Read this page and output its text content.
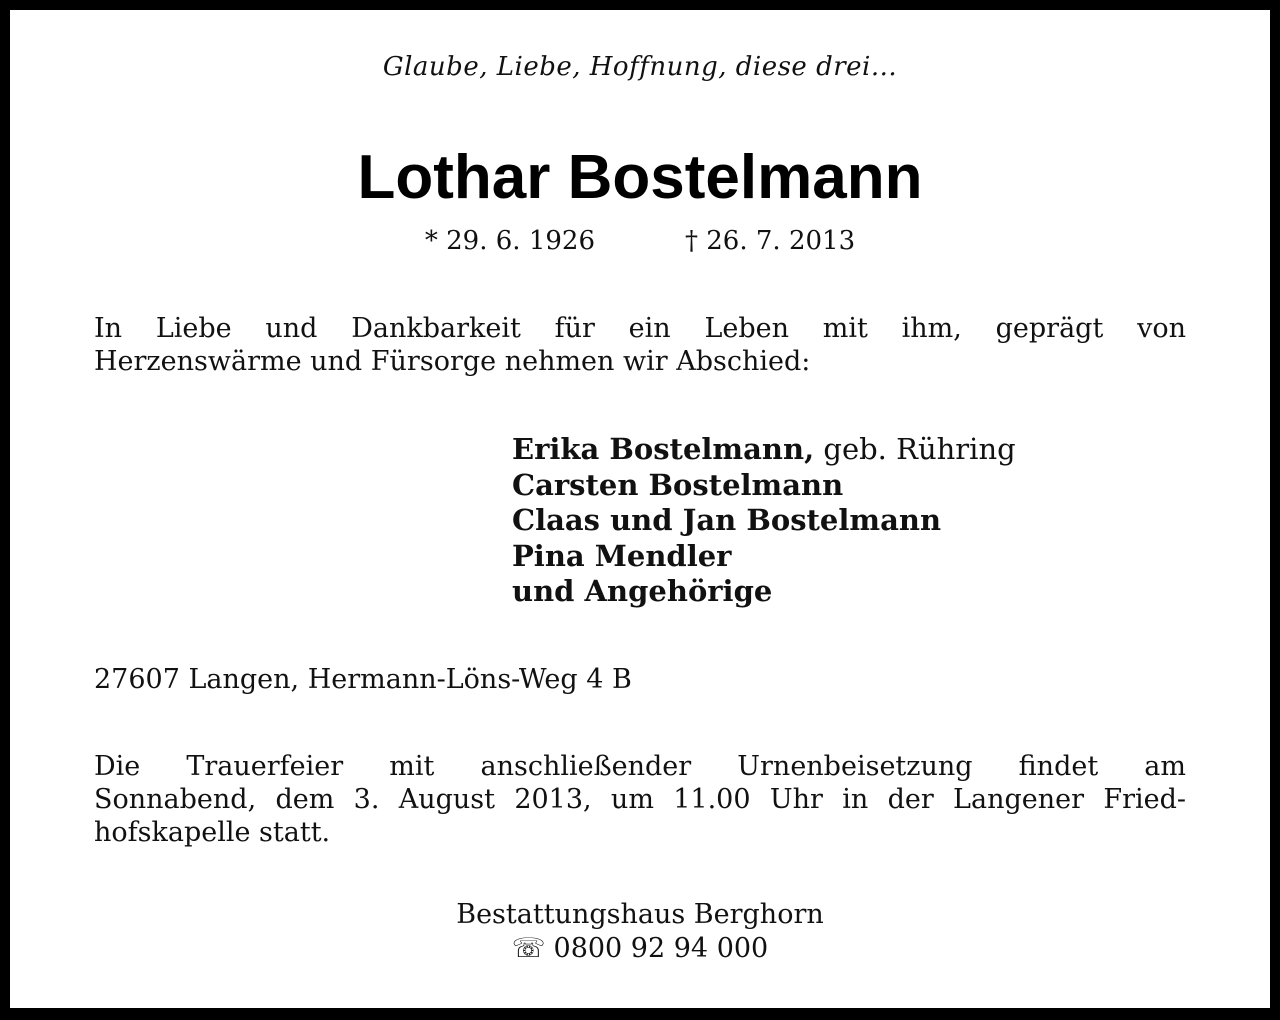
Glaube, Liebe, Hoffnung, diese drei...
Lothar Bostelmann
* 29. 6. 1926	† 26. 7. 2013
In Liebe und Dankbarkeit für ein Leben mit ihm, geprägt von
Herzenswärme und Fürsorge nehmen wir Abschied:
Erika Bostelmann, geb. Rühring
Carsten Bostelmann
Claas und Jan Bostelmann
Pina Mendler
und Angehörige
27607 Langen, Hermann-Löns-Weg 4 B
Die Trauerfeier mit anschließender Urnenbeisetzung findet am
Sonnabend, dem 3. August 2013, um 11.00 Uhr in der Langener Fried-
hofskapelle statt.
Bestattungshaus Berghorn
☏ 0800 92 94 000
